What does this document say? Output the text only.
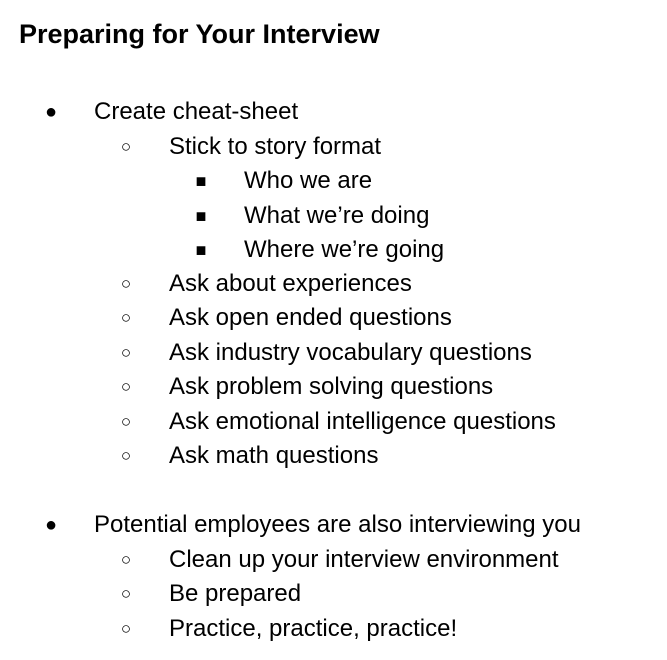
Preparing for Your Interview
● Create cheat-sheet
○ Stick to story format
■ Who we are
■ What we’re doing
■ Where we’re going
○ Ask about experiences
○ Ask open ended questions
○ Ask industry vocabulary questions
○ Ask problem solving questions
○ Ask emotional intelligence questions
○ Ask math questions
● Potential employees are also interviewing you
○ Clean up your interview environment
○ Be prepared
○ Practice, practice, practice!
